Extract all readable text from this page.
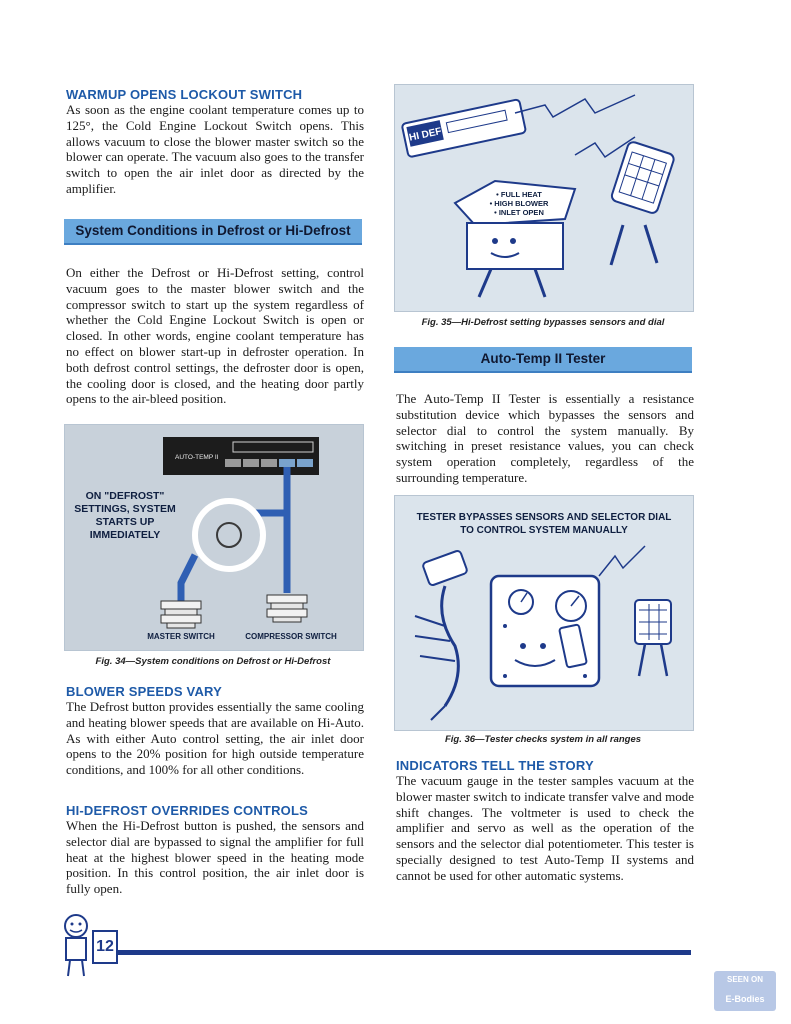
WARMUP OPENS LOCKOUT SWITCH

As soon as the engine coolant temperature comes up to 125°, the Cold Engine Lockout Switch opens. This allows vacuum to close the blower master switch so the blower can operate. The vacuum also goes to the transfer switch to open the air inlet door as directed by the amplifier.

System Conditions in Defrost or Hi-Defrost

On either the Defrost or Hi-Defrost setting, control vacuum goes to the master blower switch and the compressor switch to start up the system regardless of whether the Cold Engine Lockout Switch is open or closed. In other words, engine coolant temperature has no effect on blower start-up in defroster operation. In both defrost control settings, the defroster door is open, the cooling door is closed, and the heating door partly opens to the air-bleed position.

AUTO-TEMP II
ON "DEFROST"
SETTINGS, SYSTEM
STARTS UP
IMMEDIATELY
MASTER SWITCH	COMPRESSOR SWITCH
Fig. 34—System conditions on Defrost or Hi-Defrost
BLOWER SPEEDS VARY

The Defrost button provides essentially the same cooling and heating blower speeds that are available on Hi-Auto. As with either Auto control setting, the air inlet door opens to the 20% position for high outside temperature conditions, and 100% for all other conditions.

HI-DEFROST OVERRIDES CONTROLS

When the Hi-Defrost button is pushed, the sensors and selector dial are bypassed to signal the amplifier for full heat at the highest blower speed in the heating mode position. In this control position, the air inlet door is fully open.

HI DEF
• FULL HEAT
• HIGH BLOWER
• INLET OPEN
Fig. 35—Hi-Defrost setting bypasses sensors and dial
Auto-Temp II Tester

The Auto-Temp II Tester is essentially a resistance substitution device which bypasses the sensors and selector dial to control the system manually. By switching in preset resistance values, you can check system operation completely, regardless of the surrounding temperature.

TESTER BYPASSES SENSORS AND SELECTOR DIAL
TO CONTROL SYSTEM MANUALLY
Fig. 36—Tester checks system in all ranges
INDICATORS TELL THE STORY

The vacuum gauge in the tester samples vacuum at the blower master switch to indicate transfer valve and mode shift changes. The voltmeter is used to check the amplifier and servo as well as the operation of the sensors and the selector dial potentiometer. This tester is specially designed to test Auto-Temp II systems and cannot be used for other automatic systems.

12
SEEN ON
E-Bodies
